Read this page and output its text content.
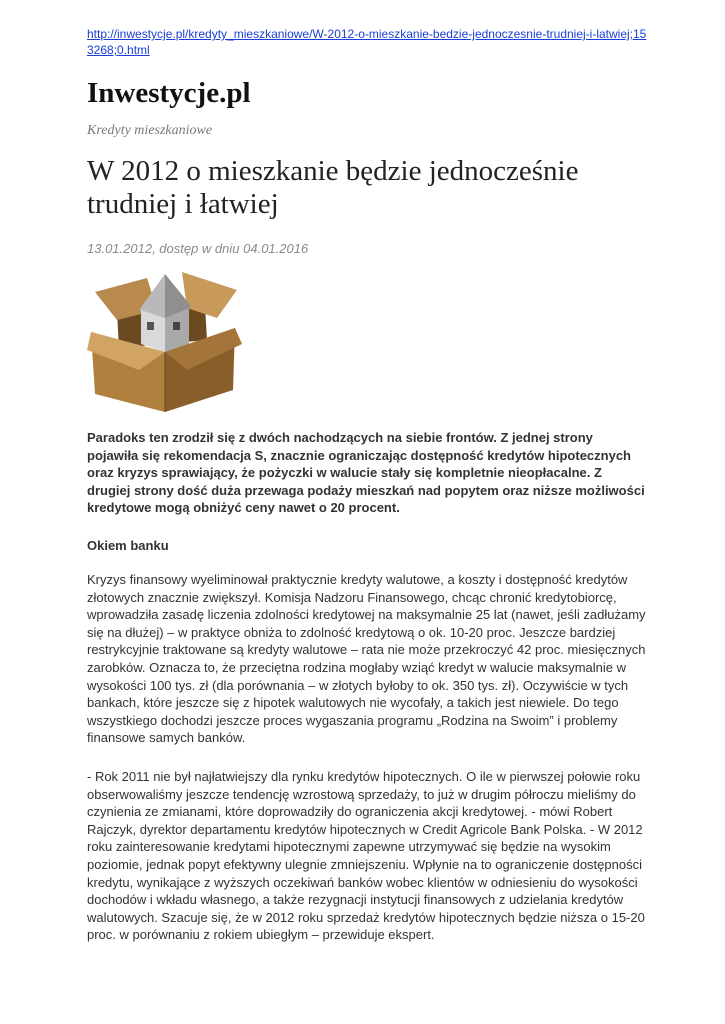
http://inwestycje.pl/kredyty_mieszkaniowe/W-2012-o-mieszkanie-bedzie-jednoczesnie-trudniej-i-latwiej;153268;0.html
Inwestycje.pl
Kredyty mieszkaniowe
W 2012 o mieszkanie będzie jednocześnie trudniej i łatwiej
13.01.2012, dostęp w dniu 04.01.2016
Paradoks ten zrodził się z dwóch nachodzących na siebie frontów. Z jednej strony pojawiła się rekomendacja S, znacznie ograniczając dostępność kredytów hipotecznych oraz kryzys sprawiający, że pożyczki w walucie stały się kompletnie nieopłacalne. Z drugiej strony dość duża przewaga podaży mieszkań nad popytem oraz niższe możliwości kredytowe mogą obniżyć ceny nawet o 20 procent.
Okiem banku
Kryzys finansowy wyeliminował praktycznie kredyty walutowe, a koszty i dostępność kredytów złotowych znacznie zwiększył. Komisja Nadzoru Finansowego, chcąc chronić kredytobiorcę, wprowadziła zasadę liczenia zdolności kredytowej na maksymalnie 25 lat (nawet, jeśli zadłużamy się na dłużej) – w praktyce obniża to zdolność kredytową o ok. 10-20 proc. Jeszcze bardziej restrykcyjnie traktowane są kredyty walutowe – rata nie może przekroczyć 42 proc. miesięcznych zarobków. Oznacza to, że przeciętna rodzina mogłaby wziąć kredyt w walucie maksymalnie w wysokości 100 tys. zł (dla porównania – w złotych byłoby to ok. 350 tys. zł). Oczywiście w tych bankach, które jeszcze się z hipotek walutowych nie wycofały, a takich jest niewiele. Do tego wszystkiego dochodzi jeszcze proces wygaszania programu „Rodzina na Swoim” i problemy finansowe samych banków.
- Rok 2011 nie był najłatwiejszy dla rynku kredytów hipotecznych. O ile w pierwszej połowie roku obserwowaliśmy jeszcze tendencję wzrostową sprzedaży, to już w drugim półroczu mieliśmy do czynienia ze zmianami, które doprowadziły do ograniczenia akcji kredytowej. - mówi Robert Rajczyk, dyrektor departamentu kredytów hipotecznych w Credit Agricole Bank Polska. - W 2012 roku zainteresowanie kredytami hipotecznymi zapewne utrzymywać się będzie na wysokim poziomie, jednak popyt efektywny ulegnie zmniejszeniu. Wpłynie na to ograniczenie dostępności kredytu, wynikające z wyższych oczekiwań banków wobec klientów w odniesieniu do wysokości dochodów i wkładu własnego, a także rezygnacji instytucji finansowych z udzielania kredytów walutowych. Szacuje się, że w 2012 roku sprzedaż kredytów hipotecznych będzie niższa o 15-20 proc. w porównaniu z rokiem ubiegłym – przewiduje ekspert.
